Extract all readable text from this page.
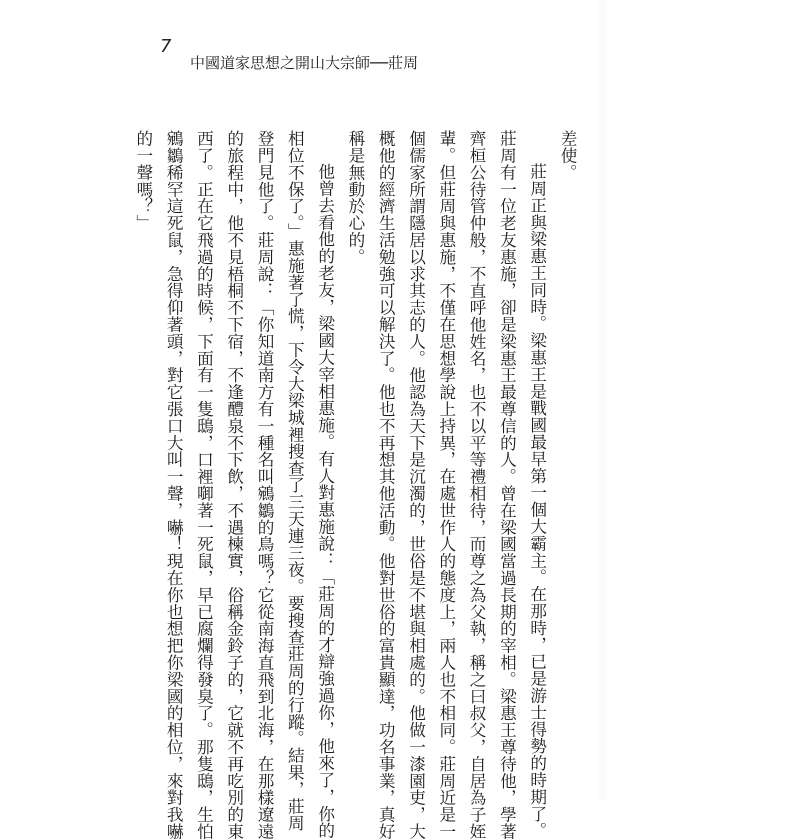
7
中國道家思想之開山大宗師──莊周

差使。

莊周正與梁惠王同時。梁惠王是戰國最早第一個大霸主。在那時，已是游士得勢的時期了。

莊周有一位老友惠施，卻是梁惠王最尊信的人。曾在梁國當過長期的宰相。梁惠王尊待他，學著

齊桓公待管仲般，不直呼他姓名，也不以平等禮相待，而尊之為父執，稱之曰叔父，自居為子姪

輩。但莊周與惠施，不僅在思想學說上持異，在處世作人的態度上，兩人也不相同。莊周近是一

個儒家所謂隱居以求其志的人。他認為天下是沉濁的，世俗是不堪與相處的。他做一漆園吏，大

概他的經濟生活勉強可以解決了。他也不再想其他活動。他對世俗的富貴顯達，功名事業，真好

稱是無動於心的。

他曾去看他的老友，梁國大宰相惠施。有人對惠施說：「莊周的才辯強過你，他來了，你的

相位不保了。」惠施著了慌，下令大梁城裡搜查了三天連三夜。要搜查莊周的行蹤。結果，莊周

登門見他了。莊周說：「你知道南方有一種名叫鵷鶵的鳥嗎？它從南海直飛到北海，在那樣遼遠

的旅程中，他不見梧桐不下宿，不逢醴泉不下飲，不遇楝實，俗稱金鈴子的，它就不再吃別的東

西了。正在它飛過的時候，下面有一隻鴟，口裡啣著一死鼠，早已腐爛得發臭了。那隻鴟，生怕

鵷鶵稀罕這死鼠，急得仰著頭，對它張口大叫一聲，嚇！現在你也想把你梁國的相位，來對我嚇

的一聲嗎？」
